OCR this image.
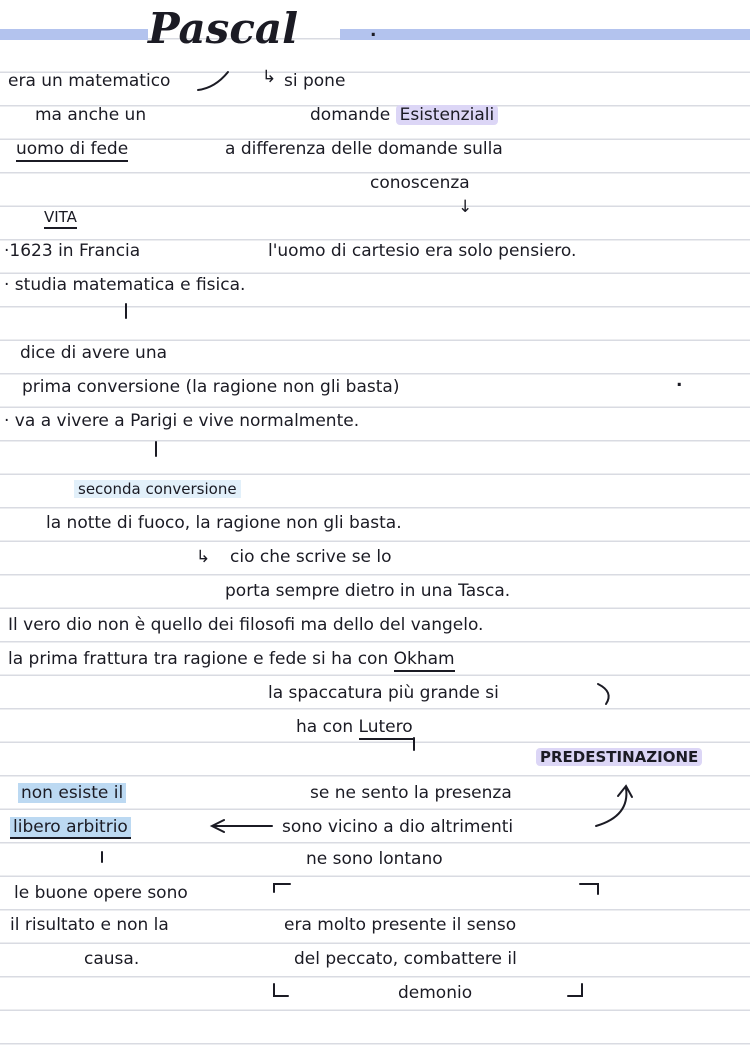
Pascal	.
era un matematico
ma anche un
uomo di fede
↳ si pone
domande Esistenziali
a differenza delle domande sulla
conoscenza
↓
VITA
·1623 in Francia	l'uomo di cartesio era solo pensiero.
· studia matematica e fisica.
dice di avere una
prima conversione (la ragione non gli basta)
· va a vivere a Parigi e vive normalmente.
.
seconda conversione
la notte di fuoco, la ragione non gli basta.
↳ cio che scrive se lo
porta sempre dietro in una Tasca.
Il vero dio non è quello dei filosofi ma dello del vangelo.
la prima frattura tra ragione e fede si ha con Okham
la spaccatura più grande si
ha con Lutero
PREDESTINAZIONE
se ne sento la presenza
sono vicino a dio altrimenti
ne sono lontano
non esiste il
libero arbitrio
le buone opere sono
il risultato e non la
causa.
era molto presente il senso
del peccato, combattere il
demonio
